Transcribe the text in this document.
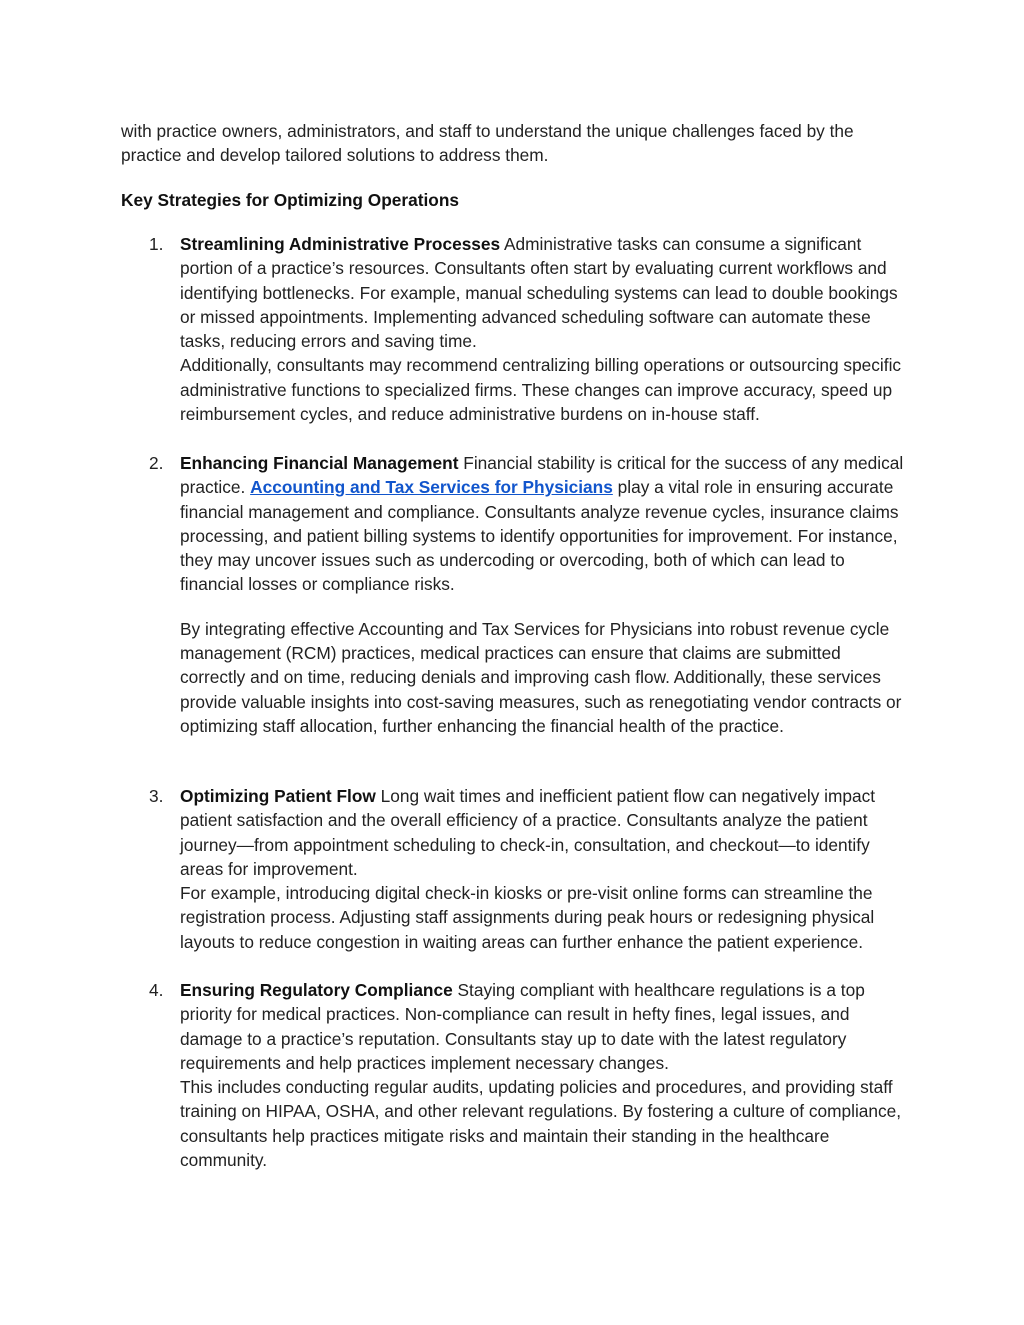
with practice owners, administrators, and staff to understand the unique challenges faced by the practice and develop tailored solutions to address them.

Key Strategies for Optimizing Operations

1. Streamlining Administrative Processes Administrative tasks can consume a significant portion of a practice’s resources. Consultants often start by evaluating current workflows and identifying bottlenecks. For example, manual scheduling systems can lead to double bookings or missed appointments. Implementing advanced scheduling software can automate these tasks, reducing errors and saving time.

Additionally, consultants may recommend centralizing billing operations or outsourcing specific administrative functions to specialized firms. These changes can improve accuracy, speed up reimbursement cycles, and reduce administrative burdens on in-house staff.

2. Enhancing Financial Management Financial stability is critical for the success of any medical practice. Accounting and Tax Services for Physicians play a vital role in ensuring accurate financial management and compliance. Consultants analyze revenue cycles, insurance claims processing, and patient billing systems to identify opportunities for improvement. For instance, they may uncover issues such as undercoding or overcoding, both of which can lead to financial losses or compliance risks.

By integrating effective Accounting and Tax Services for Physicians into robust revenue cycle management (RCM) practices, medical practices can ensure that claims are submitted correctly and on time, reducing denials and improving cash flow. Additionally, these services provide valuable insights into cost-saving measures, such as renegotiating vendor contracts or optimizing staff allocation, further enhancing the financial health of the practice.

3. Optimizing Patient Flow Long wait times and inefficient patient flow can negatively impact patient satisfaction and the overall efficiency of a practice. Consultants analyze the patient journey—from appointment scheduling to check-in, consultation, and checkout—to identify areas for improvement.

For example, introducing digital check-in kiosks or pre-visit online forms can streamline the registration process. Adjusting staff assignments during peak hours or redesigning physical layouts to reduce congestion in waiting areas can further enhance the patient experience.

4. Ensuring Regulatory Compliance Staying compliant with healthcare regulations is a top priority for medical practices. Non-compliance can result in hefty fines, legal issues, and damage to a practice’s reputation. Consultants stay up to date with the latest regulatory requirements and help practices implement necessary changes.

This includes conducting regular audits, updating policies and procedures, and providing staff training on HIPAA, OSHA, and other relevant regulations. By fostering a culture of compliance, consultants help practices mitigate risks and maintain their standing in the healthcare community.
